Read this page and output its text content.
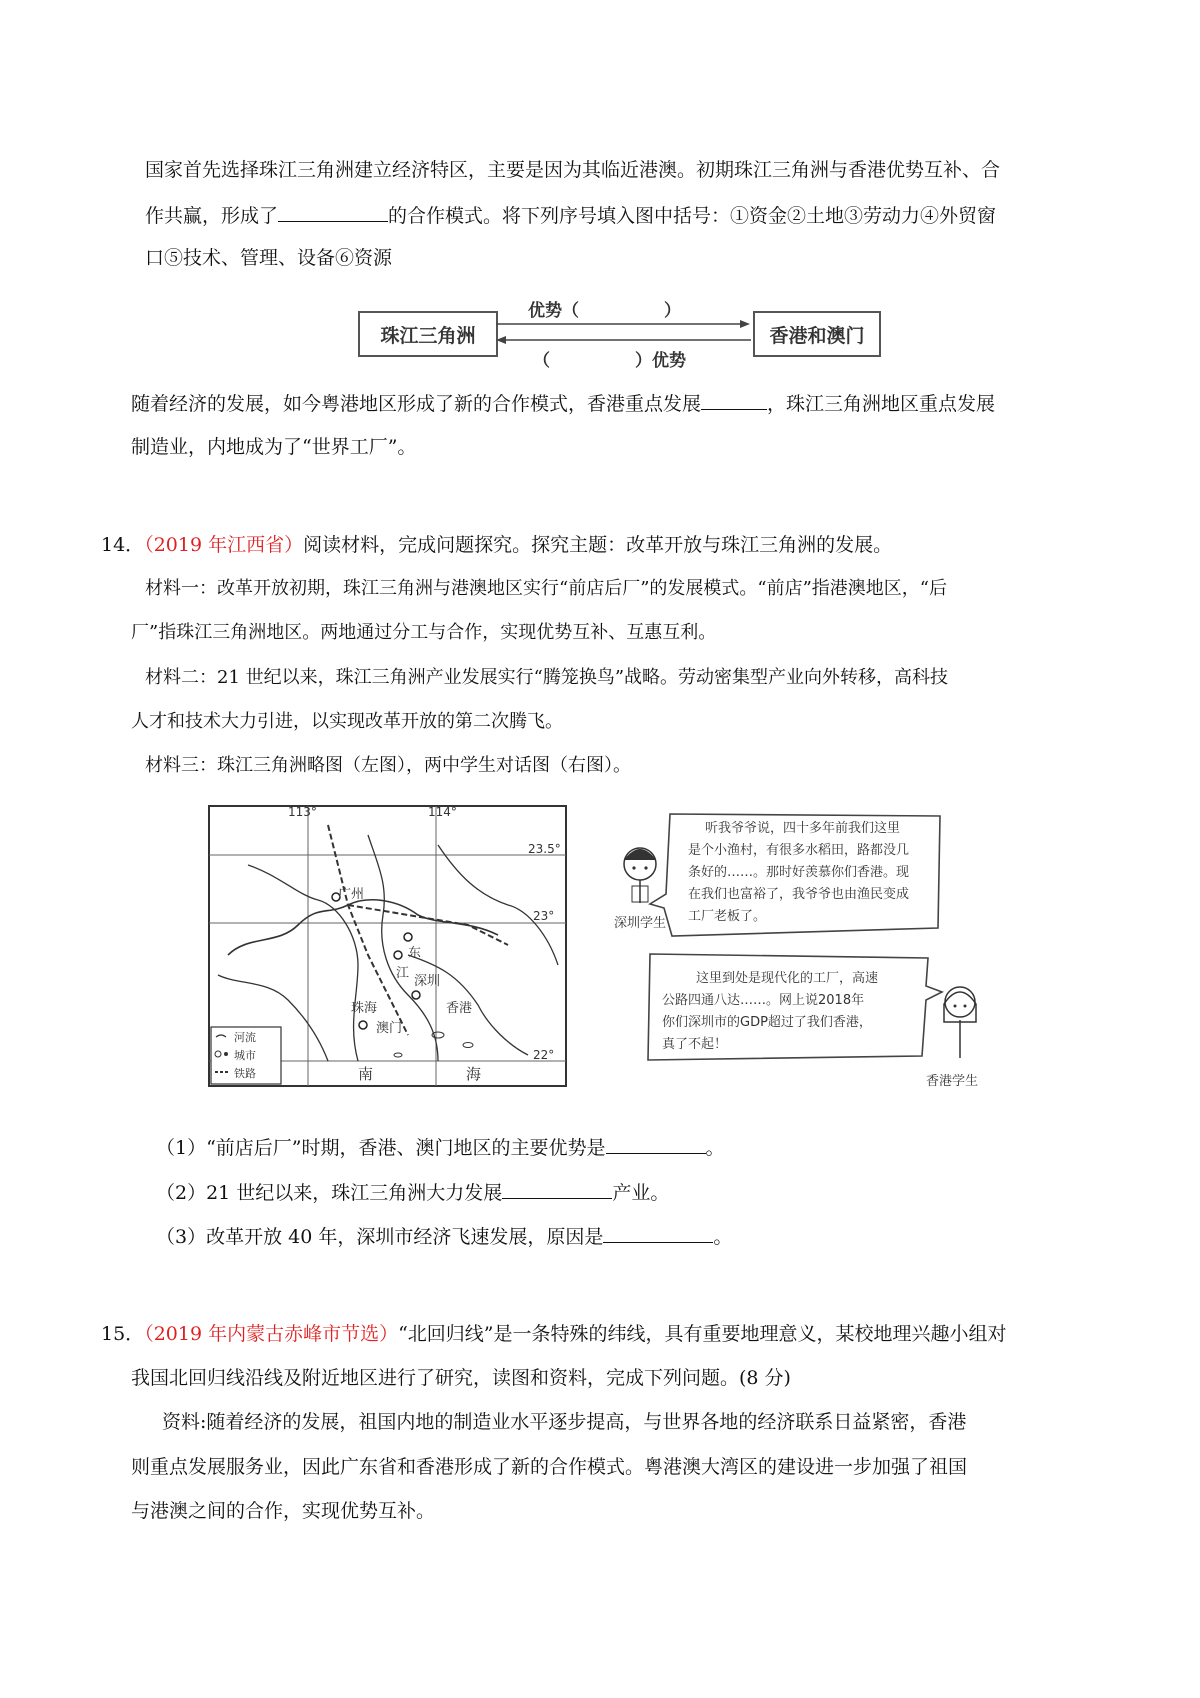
国家首先选择珠江三角洲建立经济特区，主要是因为其临近港澳。初期珠江三角洲与香港优势互补、合
作共赢，形成了	的合作模式。将下列序号填入图中括号：①资金②土地③劳动力④外贸窗
口⑤技术、管理、设备⑥资源
珠江三角洲	香港和澳门
优势（　　　　　）
（　　　　　）优势
随着经济的发展，如今粤港地区形成了新的合作模式，香港重点发展	，珠江三角洲地区重点发展
制造业，内地成为了“世界工厂”。
14．（2019 年江西省）阅读材料，完成问题探究。探究主题：改革开放与珠江三角洲的发展。
材料一：改革开放初期，珠江三角洲与港澳地区实行“前店后厂”的发展模式。“前店”指港澳地区，“后
厂”指珠江三角洲地区。两地通过分工与合作，实现优势互补、互惠互利。
材料二：21 世纪以来，珠江三角洲产业发展实行“腾笼换鸟”战略。劳动密集型产业向外转移，高科技
人才和技术大力引进，以实现改革开放的第二次腾飞。
材料三：珠江三角洲略图（左图），两中学生对话图（右图）。
113°	114°
23.5°
23°
22°
广州
东
江
深圳
珠海
澳门
香港
南	海
河流
城市
铁路
听我爷爷说，四十多年前我们这里
是个小渔村，有很多水稻田，路都没几
条好的……。那时好羡慕你们香港。现
在我们也富裕了，我爷爷也由渔民变成
工厂老板了。
深圳学生
这里到处是现代化的工厂，高速
公路四通八达……。网上说2018年
你们深圳市的GDP超过了我们香港，
真了不起！
香港学生
（1）“前店后厂”时期，香港、澳门地区的主要优势是	。
（2）21 世纪以来，珠江三角洲大力发展	产业。
（3）改革开放 40 年，深圳市经济飞速发展，原因是	。
15．（2019 年内蒙古赤峰市节选）“北回归线”是一条特殊的纬线，具有重要地理意义，某校地理兴趣小组对
我国北回归线沿线及附近地区进行了研究，读图和资料，完成下列问题。(8 分)
资料:随着经济的发展，祖国内地的制造业水平逐步提高，与世界各地的经济联系日益紧密，香港
则重点发展服务业，因此广东省和香港形成了新的合作模式。粤港澳大湾区的建设进一步加强了祖国
与港澳之间的合作，实现优势互补。
